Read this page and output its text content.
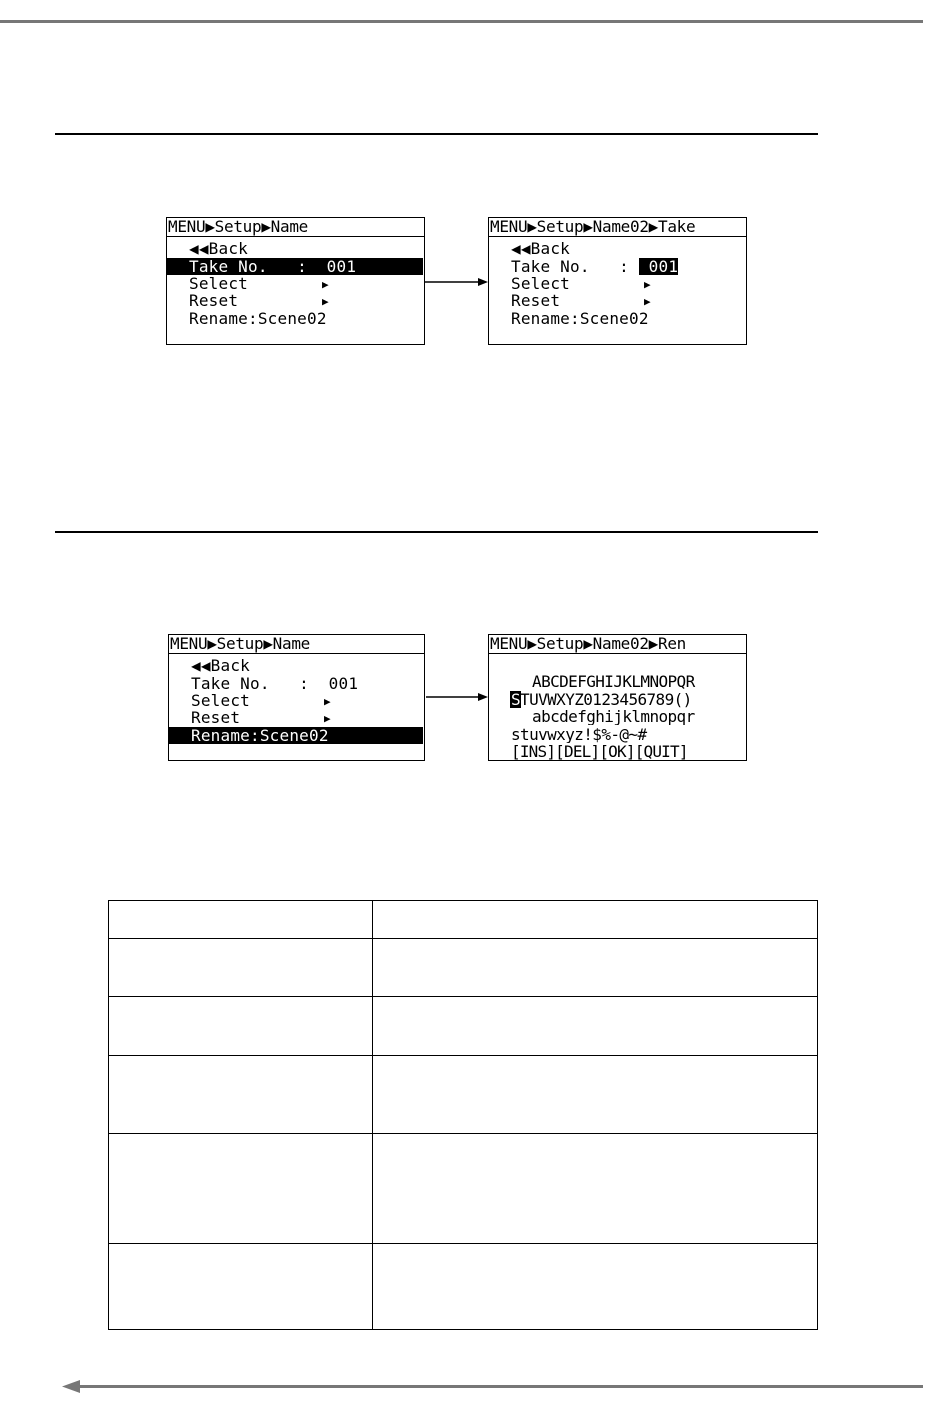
MENU▶Setup▶Name
◀◀Back
Take No.   : _001
Select	▶
Reset	▶
Rename:Scene02
MENU▶Setup▶Name02▶Take
◀◀Back
Take No.   : _001
Select	▶
Reset	▶
Rename:Scene02
MENU▶Setup▶Name
◀◀Back
Take No.   : _001
Select	▶
Reset	▶
Rename:Scene02
MENU▶Setup▶Name02▶Ren

_ABCDEFGHIJKLMNOPQR
STUVWXYZ0123456789()
_abcdefghijklmnopqr
stuvwxyz!$%-@~#
[INS][DEL][OK][QUIT]
